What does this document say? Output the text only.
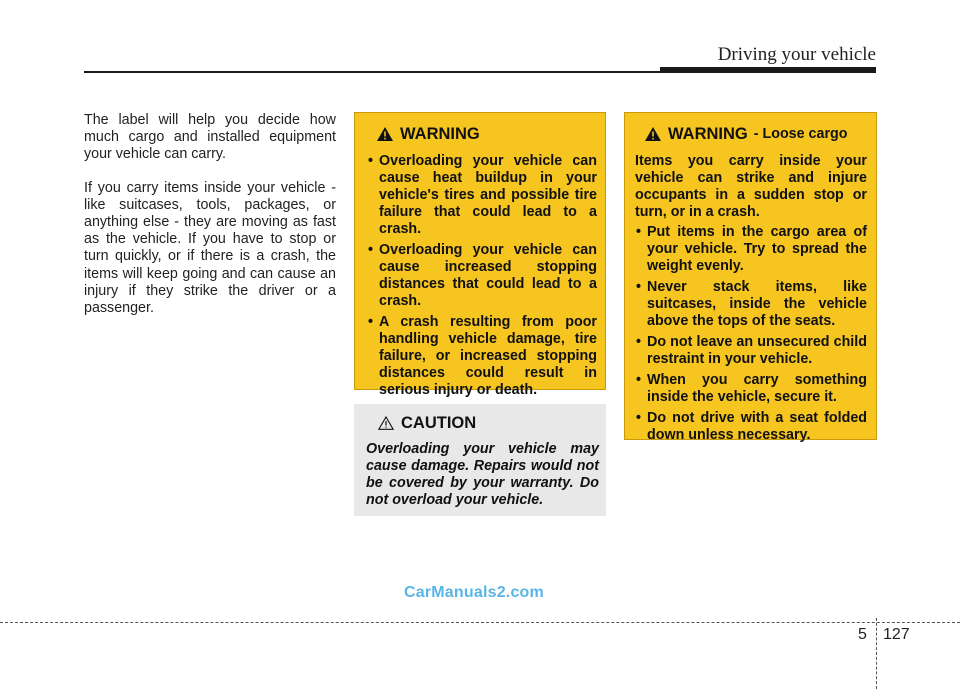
Driving your vehicle

The label will help you decide how much cargo and installed equipment your vehicle can carry.

If you carry items inside your vehicle - like suitcases, tools, packages, or anything else - they are moving as fast as the vehicle. If you have to stop or turn quickly, or if there is a crash, the items will keep going and can cause an injury if they strike the driver or a passenger.

WARNING
• Overloading your vehicle can cause heat buildup in your vehicle's tires and possible tire failure that could lead to a crash.
• Overloading your vehicle can cause increased stopping distances that could lead to a crash.
• A crash resulting from poor handling vehicle damage, tire failure, or increased stopping distances could result in serious injury or death.
CAUTION

Overloading your vehicle may cause damage. Repairs would not be covered by your warranty. Do not overload your vehicle.

WARNING - Loose cargo

Items you carry inside your vehicle can strike and injure occupants in a sudden stop or turn, or in a crash.

• Put items in the cargo area of your vehicle. Try to spread the weight evenly.
• Never stack items, like suitcases, inside the vehicle above the tops of the seats.
• Do not leave an unsecured child restraint in your vehicle.
• When you carry something inside the vehicle, secure it.
• Do not drive with a seat folded down unless necessary.
CarManuals2.com
5 127
